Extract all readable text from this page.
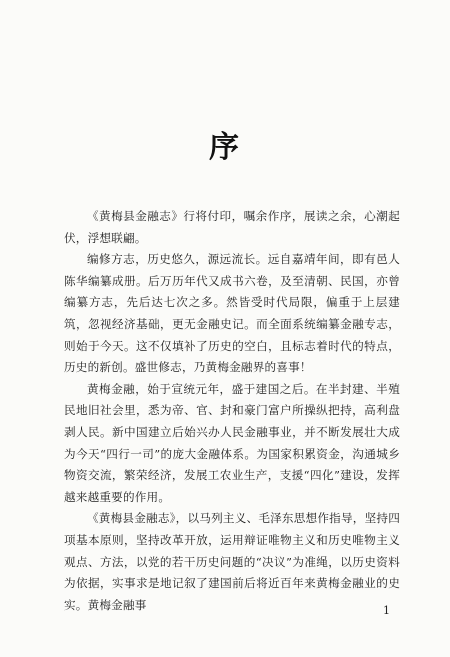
序

《黄梅县金融志》行将付印，嘱余作序，展读之余，心潮起伏，浮想联翩。

编修方志，历史悠久，源远流长。远自嘉靖年间，即有邑人陈华编纂成册。后万历年代又成书六卷，及至清朝、民国，亦曾编纂方志，先后达七次之多。然皆受时代局限，偏重于上层建筑，忽视经济基础，更无金融史记。而全面系统编纂金融专志，则始于今天。这不仅填补了历史的空白，且标志着时代的特点，历史的新创。盛世修志，乃黄梅金融界的喜事！

黄梅金融，始于宣统元年，盛于建国之后。在半封建、半殖民地旧社会里，悉为帝、官、封和豪门富户所操纵把持，高利盘剥人民。新中国建立后始兴办人民金融事业，并不断发展壮大成为今天“四行一司”的庞大金融体系。为国家积累资金，沟通城乡物资交流，繁荣经济，发展工农业生产，支援“四化”建设，发挥越来越重要的作用。

《黄梅县金融志》，以马列主义、毛泽东思想作指导，坚持四项基本原则，坚持改革开放，运用辩证唯物主义和历史唯物主义观点、方法，以党的若干历史问题的“决议”为准绳，以历史资料为依据，实事求是地记叙了建国前后将近百年来黄梅金融业的史实。黄梅金融事	1
